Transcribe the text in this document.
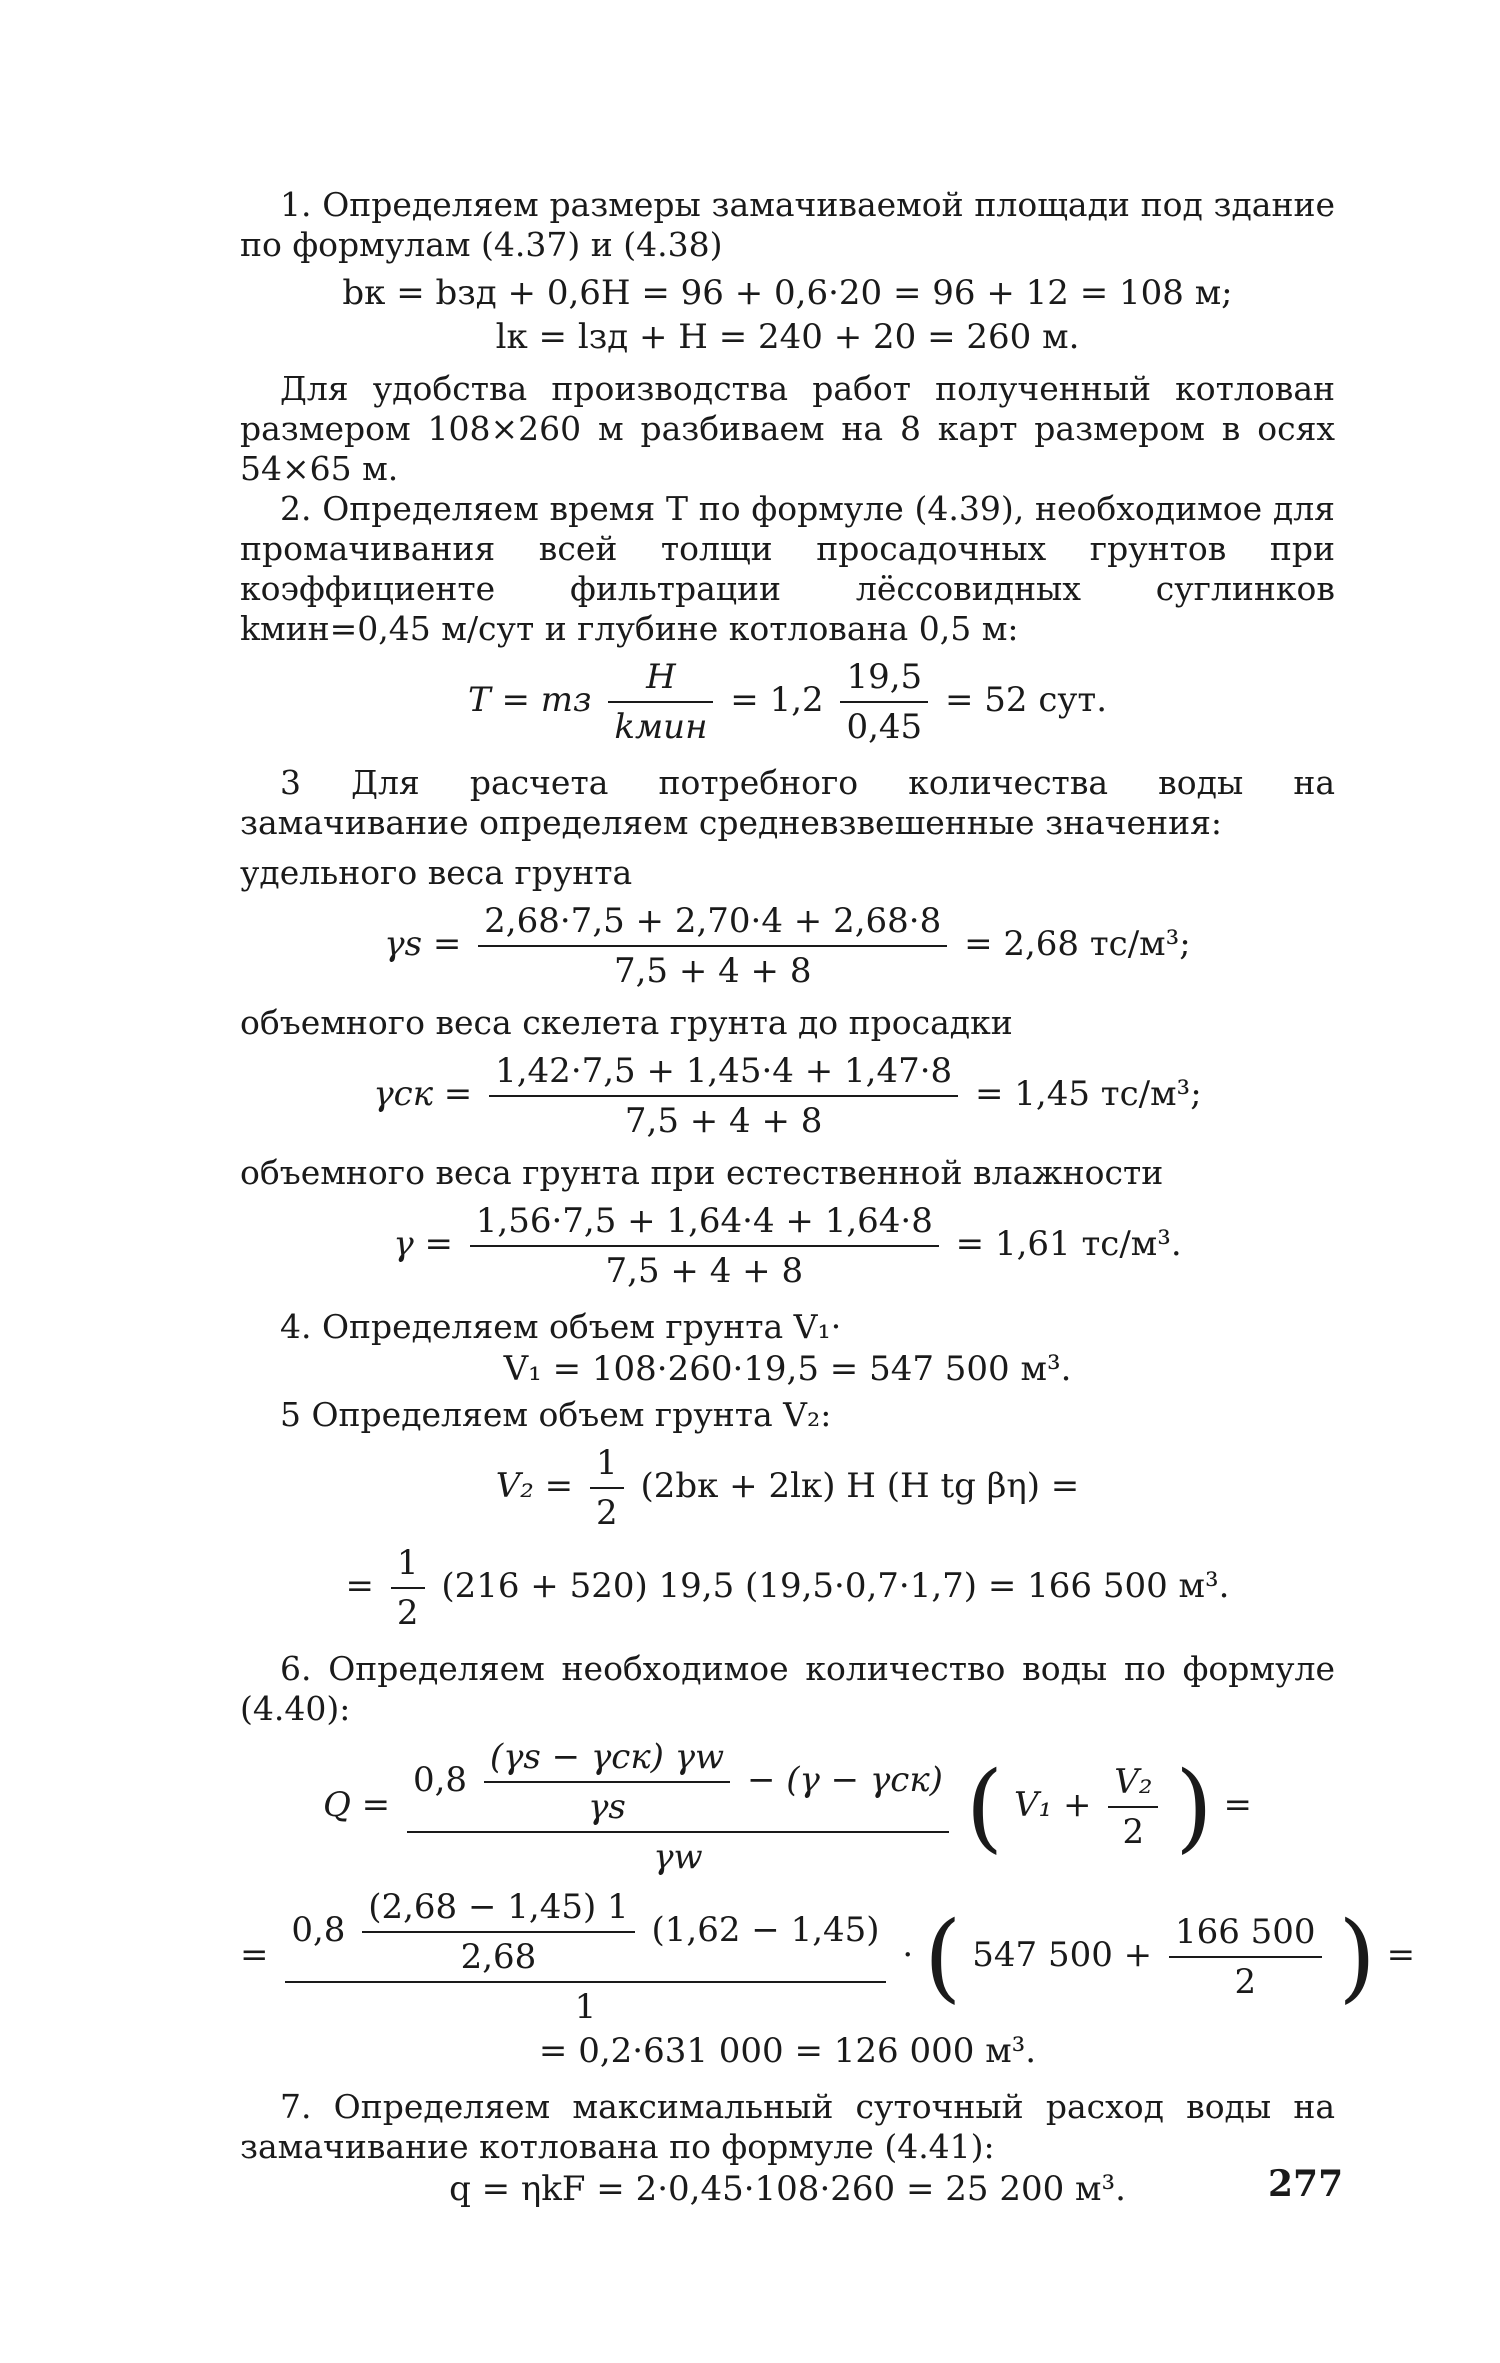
1. Определяем размеры замачиваемой площади под здание по формулам (4.37) и (4.38)

bк = bзд + 0,6H = 96 + 0,6·20 = 96 + 12 = 108 м;

lк = lзд + H = 240 + 20 = 260 м.

Для удобства производства работ полученный котлован размером 108×260 м разбиваем на 8 карт размером в осях 54×65 м.

2. Определяем время T по формуле (4.39), необходимое для промачивания всей толщи просадочных грунтов при коэффициенте фильтрации лёссовидных суглинков kмин=0,45 м/сут и глубине котлована 0,5 м:

T = mз $\frac{H}{\text{kмин}} = 1,2 \frac{19,5}{0,45} = 52$ сут.

3 Для расчета потребного количества воды на замачивание определяем средневзвешенные значения:

удельного веса грунта

$\gamma s = \frac{2,68\cdot 7,5 + 2,70\cdot 4 + 2,68\cdot 8}{7,5 + 4 + 8} = 2,68$ тс/м³;

объемного веса скелета грунта до просадки

$\gamma ск = \frac{1,42\cdot 7,5 + 1,45\cdot 4 + 1,47\cdot 8}{7,5 + 4 + 8} = 1,45$ тс/м³;

объемного веса грунта при естественной влажности

$\gamma = \frac{1,56\cdot 7,5 + 1,64\cdot 4 + 1,64\cdot 8}{7,5 + 4 + 8} = 1,61$ тс/м³.

4. Определяем объем грунта V₁·

V₁ = 108·260·19,5 = 547 500 м³.

5 Определяем объем грунта V₂:

$V_2 = \frac{1}{2} (2bк + 2lк)$ H (H tg βη) =
= $\frac{1}{2} (216 + 520)$ 19,5 (19,5·0,7·1,7) = 166 500 м³.

6. Определяем необходимое количество воды по формуле (4.40):

Q =
$0,8 \frac{\text{(γs − γск) γw}}{\gamma s} - (\gamma - \gamma ск)$
γw	( $V_1 + \frac{\text{V₂}}{2}$ ) =
=
$0,8 \frac{(2,68 - 1,45) 1}{2,68} (1,62 - 1,45)$
1
· ( 547 $500 + \frac{166 500}{2}$ ) =

= 0,2·631 000 = 126 000 м³.

7. Определяем максимальный суточный расход воды на замачивание котлована по формуле (4.41):

q = ηkF = 2·0,45·108·260 = 25 200 м³.	277
